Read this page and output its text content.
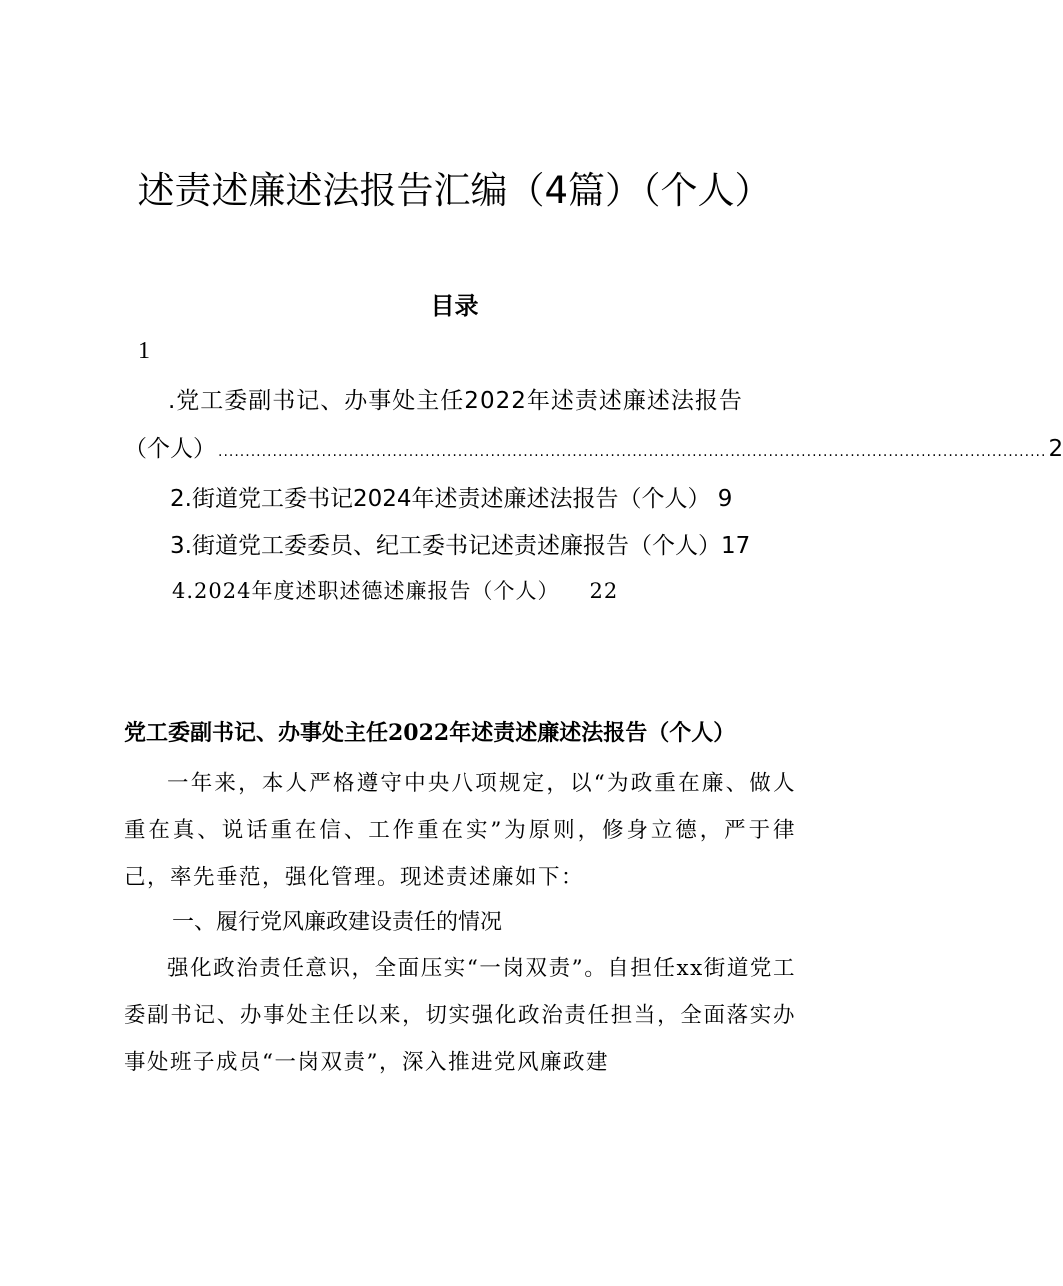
述责述廉述法报告汇编（4篇）（个人）
目录
1
.党工委副书记、办事处主任2022年述责述廉述法报告
（个人） ........................................................................................................................................................ 2
2.街道党工委书记2024年述责述廉述法报告（个人） 9
3.街道党工委委员、纪工委书记述责述廉报告（个人）17
4.2024年度述职述德述廉报告（个人） 22
党工委副书记、办事处主任2022年述责述廉述法报告（个人）

一年来，本人严格遵守中央八项规定，以“为政重在廉、做人重在真、说话重在信、工作重在实”为原则，修身立德，严于律己，率先垂范，强化管理。现述责述廉如下：

一、履行党风廉政建设责任的情况

强化政治责任意识，全面压实“一岗双责”。自担任xx街道党工委副书记、办事处主任以来，切实强化政治责任担当，全面落实办事处班子成员“一岗双责”，深入推进党风廉政建
